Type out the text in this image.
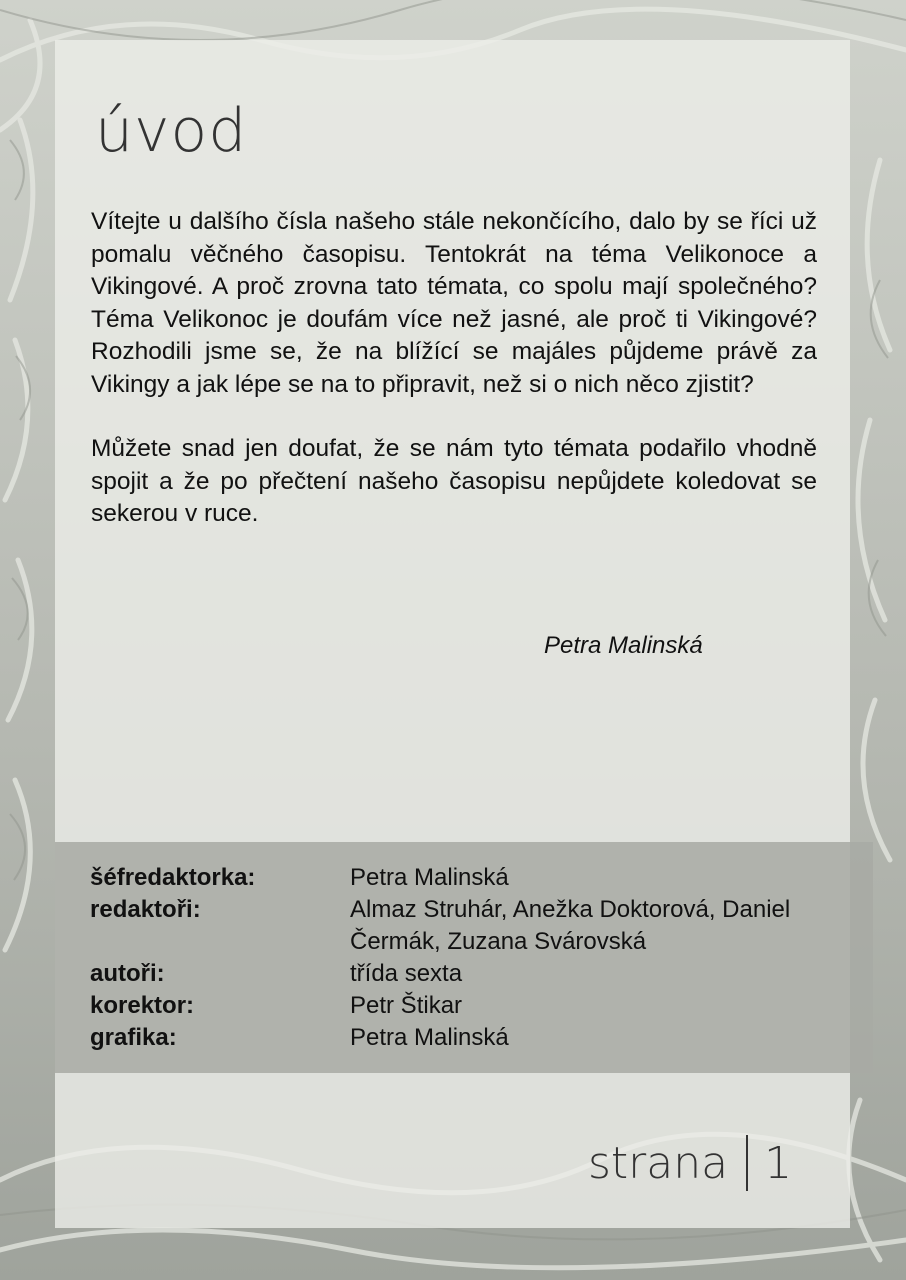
úvod

Vítejte u dalšího čísla našeho stále nekončícího, dalo by se říci už pomalu věčného časopisu. Tentokrát na téma Velikonoce a Vikingové. A proč zrovna tato témata, co spolu mají společného? Téma Velikonoc je doufám více než jasné, ale proč ti Vikingové? Rozhodili jsme se, že na blížící se majáles půjdeme právě za Vikingy a jak lépe se na to připravit, než si o nich něco zjistit?

Můžete snad jen doufat, že se nám tyto témata podařilo vhodně spojit a že po přečtení našeho časopisu nepůjdete koledovat se sekerou v ruce.

Petra Malinská
šéfredaktorka:	Petra Malinská
redaktoři:	Almaz Struhár, Anežka Doktorová, Daniel Čermák, Zuzana Svárovská
autoři:	třída sexta
korektor:	Petr Štikar
grafika:	Petra Malinská
strana 1
